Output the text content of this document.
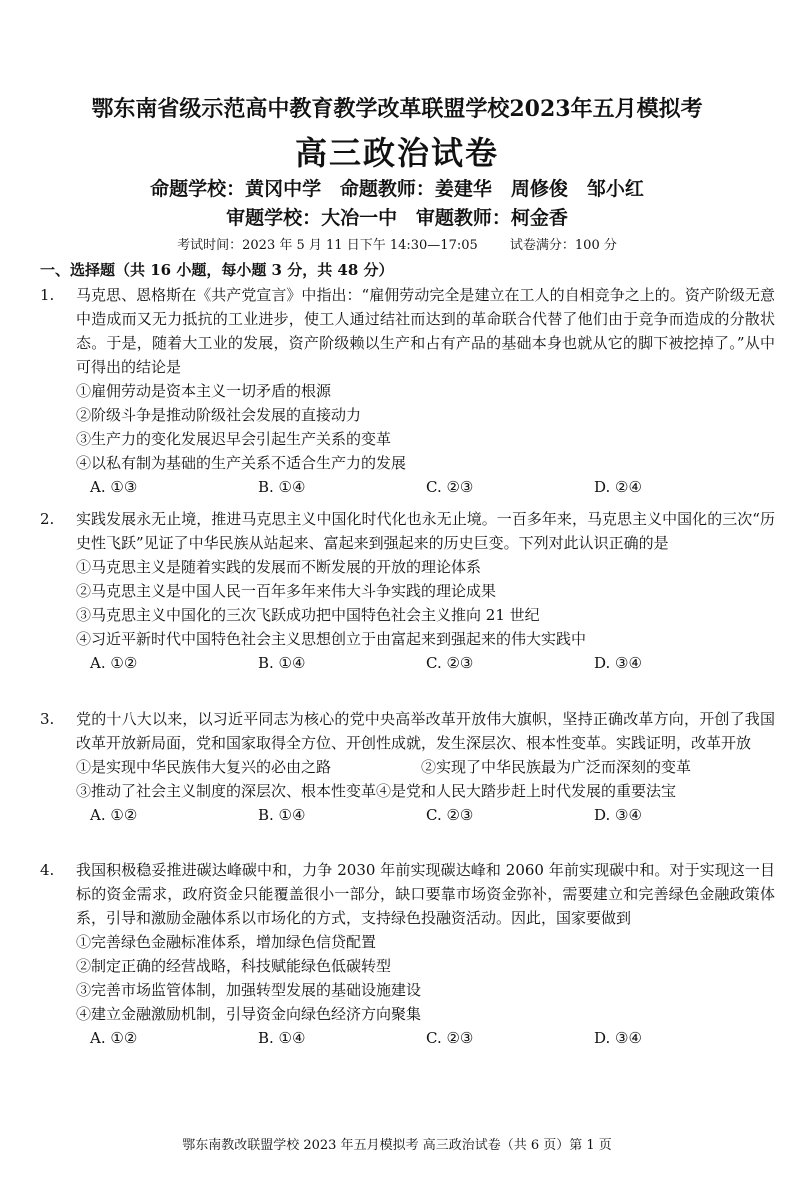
鄂东南省级示范高中教育教学改革联盟学校2023年五月模拟考
高三政治试卷
命题学校：黄冈中学 命题教师：姜建华　周修俊　邹小红
审题学校：大冶一中 审题教师：柯金香
考试时间：2023 年 5 月 11 日下午 14:30—17:05 试卷满分：100 分
一、选择题（共 16 小题，每小题 3 分，共 48 分）
1.	马克思、恩格斯在《共产党宣言》中指出：“雇佣劳动完全是建立在工人的自相竞争之上的。资产阶级无意中造成而又无力抵抗的工业进步，使工人通过结社而达到的革命联合代替了他们由于竞争而造成的分散状态。于是，随着大工业的发展，资产阶级赖以生产和占有产品的基础本身也就从它的脚下被挖掉了。”从中可得出的结论是
①雇佣劳动是资本主义一切矛盾的根源
②阶级斗争是推动阶级社会发展的直接动力
③生产力的变化发展迟早会引起生产关系的变革
④以私有制为基础的生产关系不适合生产力的发展
A. ①③	B. ①④	C. ②③	D. ②④
2.	实践发展永无止境，推进马克思主义中国化时代化也永无止境。一百多年来，马克思主义中国化的三次“历史性飞跃”见证了中华民族从站起来、富起来到强起来的历史巨变。下列对此认识正确的是
①马克思主义是随着实践的发展而不断发展的开放的理论体系
②马克思主义是中国人民一百年多年来伟大斗争实践的理论成果
③马克思主义中国化的三次飞跃成功把中国特色社会主义推向 21 世纪
④习近平新时代中国特色社会主义思想创立于由富起来到强起来的伟大实践中
A. ①②	B. ①④	C. ②③	D. ③④
3.	党的十八大以来，以习近平同志为核心的党中央高举改革开放伟大旗帜，坚持正确改革方向，开创了我国改革开放新局面，党和国家取得全方位、开创性成就，发生深层次、根本性变革。实践证明，改革开放
①是实现中华民族伟大复兴的必由之路	②实现了中华民族最为广泛而深刻的变革
③推动了社会主义制度的深层次、根本性变革 ④是党和人民大踏步赶上时代发展的重要法宝
A. ①②	B. ①④	C. ②③	D. ③④
4.	我国积极稳妥推进碳达峰碳中和，力争 2030 年前实现碳达峰和 2060 年前实现碳中和。对于实现这一目标的资金需求，政府资金只能覆盖很小一部分，缺口要靠市场资金弥补，需要建立和完善绿色金融政策体系，引导和激励金融体系以市场化的方式，支持绿色投融资活动。因此，国家要做到
①完善绿色金融标准体系，增加绿色信贷配置
②制定正确的经营战略，科技赋能绿色低碳转型
③完善市场监管体制，加强转型发展的基础设施建设
④建立金融激励机制，引导资金向绿色经济方向聚集
A. ①②	B. ①④	C. ②③	D. ③④
鄂东南教改联盟学校 2023 年五月模拟考 高三政治试卷（共 6 页）第 1 页
